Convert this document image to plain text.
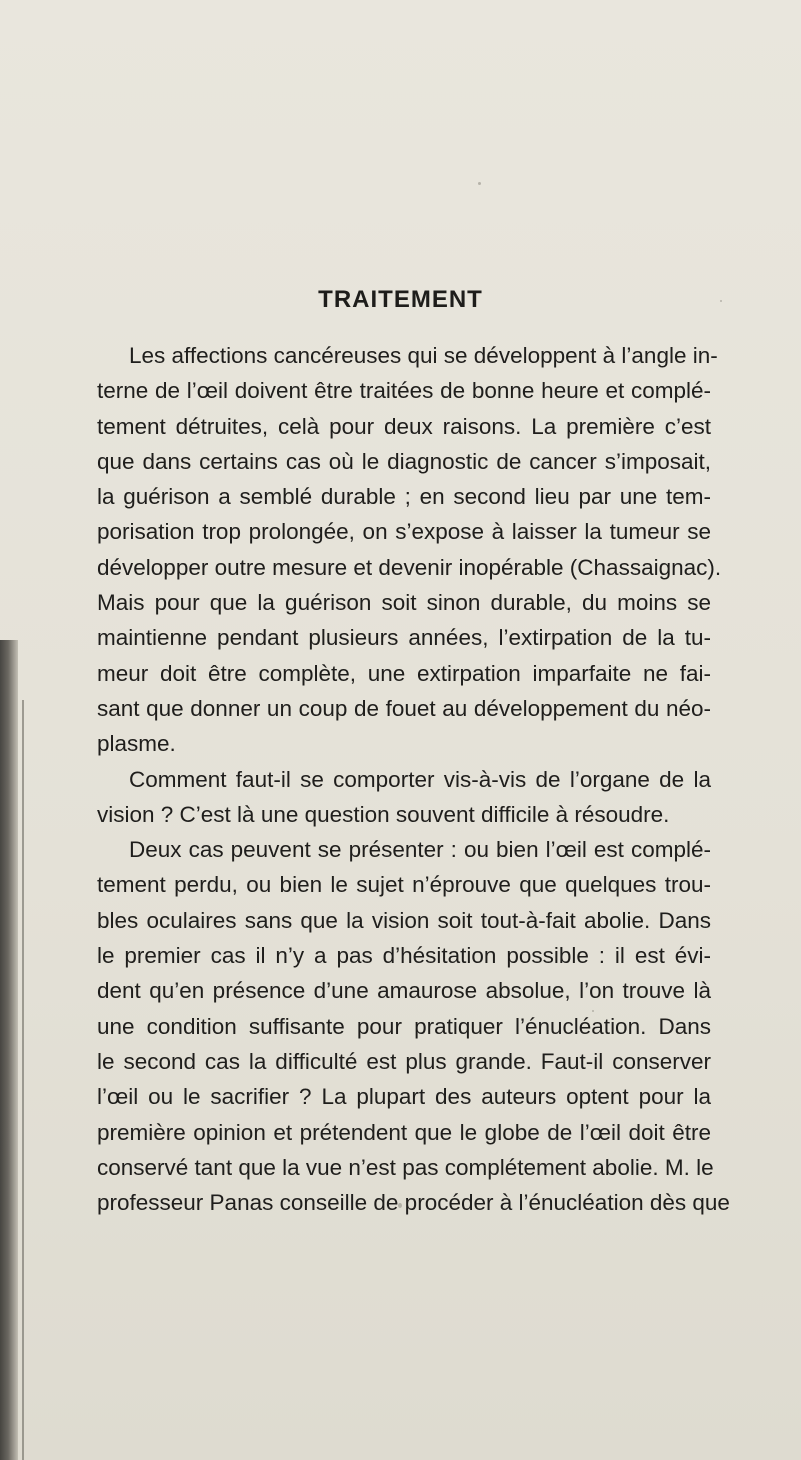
TRAITEMENT
Les affections cancéreuses qui se développent à l’angle in-
terne de l’œil doivent être traitées de bonne heure et complé-
tement détruites, celà pour deux raisons. La première c’est
que dans certains cas où le diagnostic de cancer s’imposait,
la guérison a semblé durable ; en second lieu par une tem-
porisation trop prolongée, on s’expose à laisser la tumeur se
développer outre mesure et devenir inopérable (Chassaignac).
Mais pour que la guérison soit sinon durable, du moins se
maintienne pendant plusieurs années, l’extirpation de la tu-
meur doit être complète, une extirpation imparfaite ne fai-
sant que donner un coup de fouet au développement du néo-
plasme.
Comment faut-il se comporter vis-à-vis de l’organe de la
vision ? C’est là une question souvent difficile à résoudre.
Deux cas peuvent se présenter : ou bien l’œil est complé-
tement perdu, ou bien le sujet n’éprouve que quelques trou-
bles oculaires sans que la vision soit tout-à-fait abolie. Dans
le premier cas il n’y a pas d’hésitation possible : il est évi-
dent qu’en présence d’une amaurose absolue, l’on trouve là
une condition suffisante pour pratiquer l’énucléation. Dans
le second cas la difficulté est plus grande. Faut-il conserver
l’œil ou le sacrifier ? La plupart des auteurs optent pour la
première opinion et prétendent que le globe de l’œil doit être
conservé tant que la vue n’est pas complétement abolie. M. le
professeur Panas conseille de procéder à l’énucléation dès que
